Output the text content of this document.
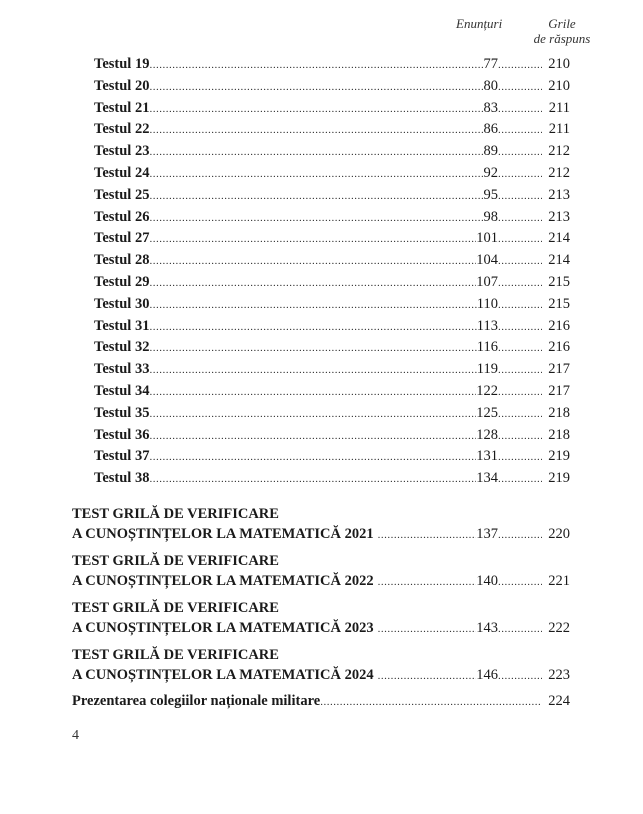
Enunțuri	Grile
de răspuns
Testul 19 .....	77 .....	210
Testul 20 .....	80 .....	210
Testul 21 .....	83 .....	211
Testul 22 .....	86 .....	211
Testul 23 .....	89 .....	212
Testul 24 .....	92 .....	212
Testul 25 .....	95 .....	213
Testul 26 .....	98 .....	213
Testul 27 .....	101 .....	214
Testul 28 .....	104 .....	214
Testul 29 .....	107 .....	215
Testul 30 .....	110 .....	215
Testul 31 .....	113 .....	216
Testul 32 .....	116 .....	216
Testul 33 .....	119 .....	217
Testul 34 .....	122 .....	217
Testul 35 .....	125 .....	218
Testul 36 .....	128 .....	218
Testul 37 .....	131 .....	219
Testul 38 .....	134 .....	219
TEST GRILĂ DE VERIFICARE
A CUNOȘTINȚELOR LA MATEMATICĂ 2021 .....	137 .....	220
TEST GRILĂ DE VERIFICARE
A CUNOȘTINȚELOR LA MATEMATICĂ 2022 .....	140 .....	221
TEST GRILĂ DE VERIFICARE
A CUNOȘTINȚELOR LA MATEMATICĂ 2023 .....	143 .....	222
TEST GRILĂ DE VERIFICARE
A CUNOȘTINȚELOR LA MATEMATICĂ 2024 .....	146 .....	223
Prezentarea colegiilor naționale militare .....	224
4
